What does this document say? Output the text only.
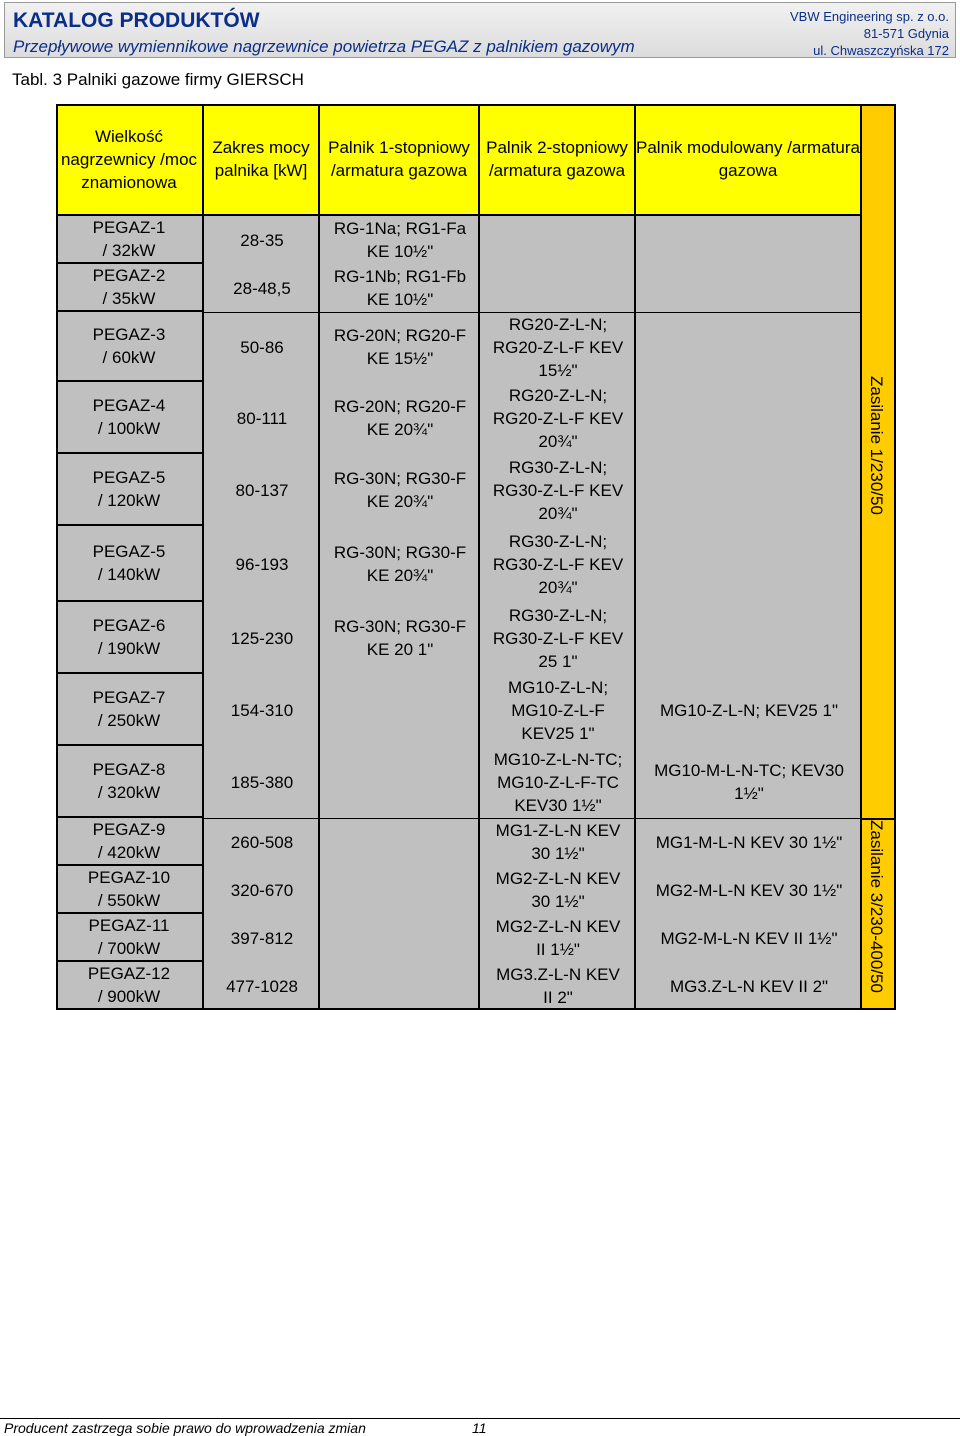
KATALOG PRODUKTÓW
Przepływowe wymiennikowe nagrzewnice powietrza PEGAZ z palnikiem gazowym
VBW Engineering sp. z o.o.
81-571 Gdynia
ul. Chwaszczyńska 172
Tabl. 3 Palniki gazowe firmy GIERSCH
Wielkość nagrzewnicy /moc znamionowa
Zakres mocy palnika [kW]
Palnik 1-stopniowy /armatura gazowa
Palnik 2-stopniowy /armatura gazowa
Palnik modulowany /armatura gazowa
PEGAZ-1
/ 32kW
28-35
RG-1Na; RG1-Fa
KE 10½"
PEGAZ-2
/ 35kW
28-48,5
RG-1Nb; RG1-Fb
KE 10½"
PEGAZ-3
/ 60kW
50-86
RG-20N; RG20-F
KE 15½"
RG20-Z-L-N;
RG20-Z-L-F KEV
15½"
PEGAZ-4
/ 100kW
80-111
RG-20N; RG20-F
KE 20¾"
RG20-Z-L-N;
RG20-Z-L-F KEV
20¾"
PEGAZ-5
/ 120kW
80-137
RG-30N; RG30-F
KE 20¾"
RG30-Z-L-N;
RG30-Z-L-F KEV
20¾"
PEGAZ-5
/ 140kW
96-193
RG-30N; RG30-F
KE 20¾"
RG30-Z-L-N;
RG30-Z-L-F KEV
20¾"
PEGAZ-6
/ 190kW
125-230
RG-30N; RG30-F
KE 20 1"
RG30-Z-L-N;
RG30-Z-L-F KEV
25 1"
PEGAZ-7
/ 250kW
154-310
MG10-Z-L-N;
MG10-Z-L-F
KEV25 1"
MG10-Z-L-N; KEV25 1"
PEGAZ-8
/ 320kW
185-380
MG10-Z-L-N-TC;
MG10-Z-L-F-TC
KEV30 1½"
MG10-M-L-N-TC; KEV30
1½"
PEGAZ-9
/ 420kW
260-508
MG1-Z-L-N KEV
30 1½"
MG1-M-L-N KEV 30 1½"
PEGAZ-10
/ 550kW
320-670
MG2-Z-L-N KEV
30 1½"
MG2-M-L-N KEV 30 1½"
PEGAZ-11
/ 700kW
397-812
MG2-Z-L-N KEV
II 1½"
MG2-M-L-N KEV II 1½"
PEGAZ-12
/ 900kW
477-1028
MG3.Z-L-N KEV
II 2"
MG3.Z-L-N KEV II 2"
Zasilanie 1/230/50
Zasilanie 3/230-400/50
Producent zastrzega sobie prawo do wprowadzenia zmian	11
